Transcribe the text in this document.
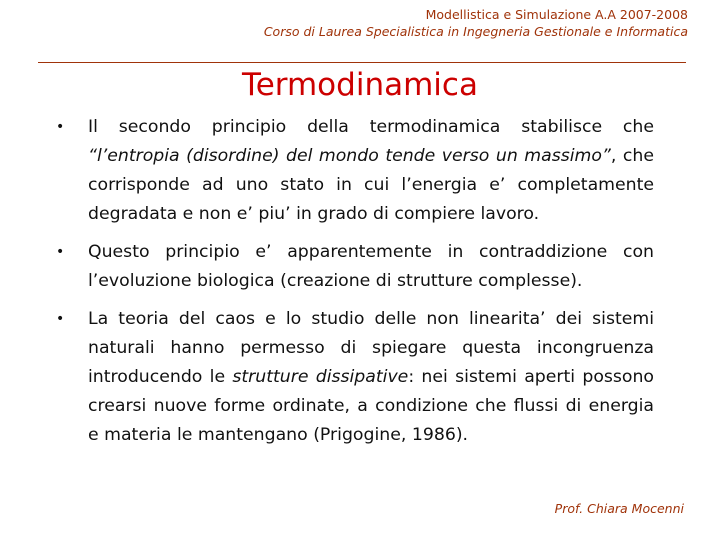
Modellistica e Simulazione A.A 2007-2008
Corso di Laurea Specialistica in Ingegneria Gestionale e Informatica
Termodinamica
• Il secondo principio della termodinamica stabilisce che “l’entropia (disordine) del mondo tende verso un massimo”, che corrisponde ad uno stato in cui l’energia e’ completamente degradata e non e’ piu’ in grado di compiere lavoro.
• Questo principio e’ apparentemente in contraddizione con l’evoluzione biologica (creazione di strutture complesse).
• La teoria del caos e lo studio delle non linearita’ dei sistemi naturali hanno permesso di spiegare questa incongruenza introducendo le strutture dissipative: nei sistemi aperti possono crearsi nuove forme ordinate, a condizione che flussi di energia e materia le mantengano (Prigogine, 1986).
Prof. Chiara Mocenni
